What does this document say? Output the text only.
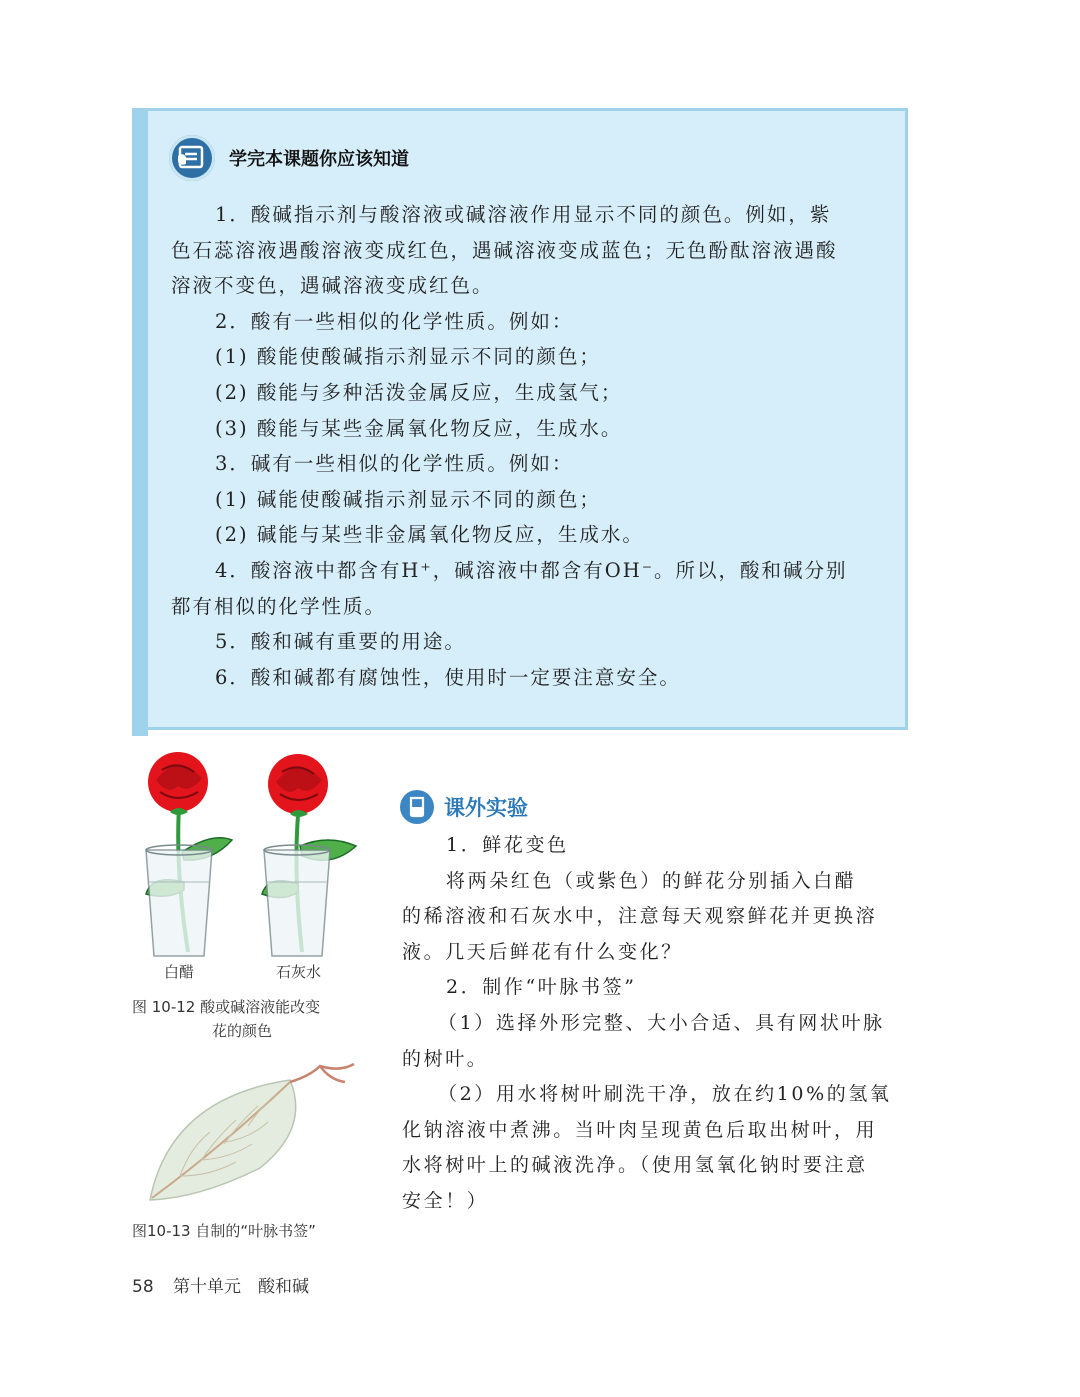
学完本课题你应该知道
1．酸碱指示剂与酸溶液或碱溶液作用显示不同的颜色。例如，紫
色石蕊溶液遇酸溶液变成红色，遇碱溶液变成蓝色；无色酚酞溶液遇酸
溶液不变色，遇碱溶液变成红色。
2．酸有一些相似的化学性质。例如：
(1) 酸能使酸碱指示剂显示不同的颜色；
(2) 酸能与多种活泼金属反应，生成氢气；
(3) 酸能与某些金属氧化物反应，生成水。
3．碱有一些相似的化学性质。例如：
(1) 碱能使酸碱指示剂显示不同的颜色；
(2) 碱能与某些非金属氧化物反应，生成水。
4．酸溶液中都含有H⁺，碱溶液中都含有OH⁻。所以，酸和碱分别
都有相似的化学性质。
5．酸和碱有重要的用途。
6．酸和碱都有腐蚀性，使用时一定要注意安全。
白醋	石灰水
图 10-12 酸或碱溶液能改变
花的颜色
图10-13 自制的“叶脉书签”
课外实验
1．鲜花变色
将两朵红色（或紫色）的鲜花分别插入白醋
的稀溶液和石灰水中，注意每天观察鲜花并更换溶
液。几天后鲜花有什么变化？
2．制作“叶脉书签”
（1）选择外形完整、大小合适、具有网状叶脉
的树叶。
（2）用水将树叶刷洗干净，放在约10%的氢氧
化钠溶液中煮沸。当叶肉呈现黄色后取出树叶，用
水将树叶上的碱液洗净。（使用氢氧化钠时要注意
安全！）
58 第十单元　酸和碱
